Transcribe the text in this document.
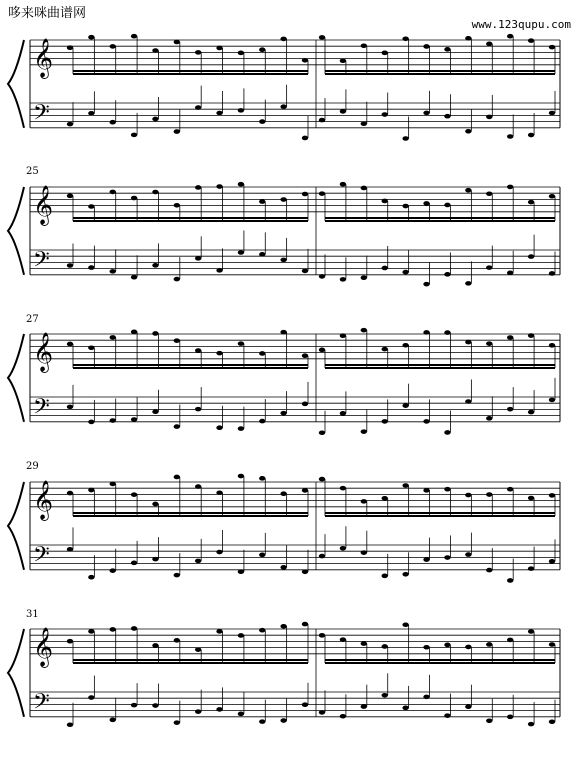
哆来咪曲谱网
www.123qupu.com
25
27
29
31
𝄞
𝄢
𝄞
𝄢
𝄞
𝄢
𝄞
𝄢
𝄞
𝄢
